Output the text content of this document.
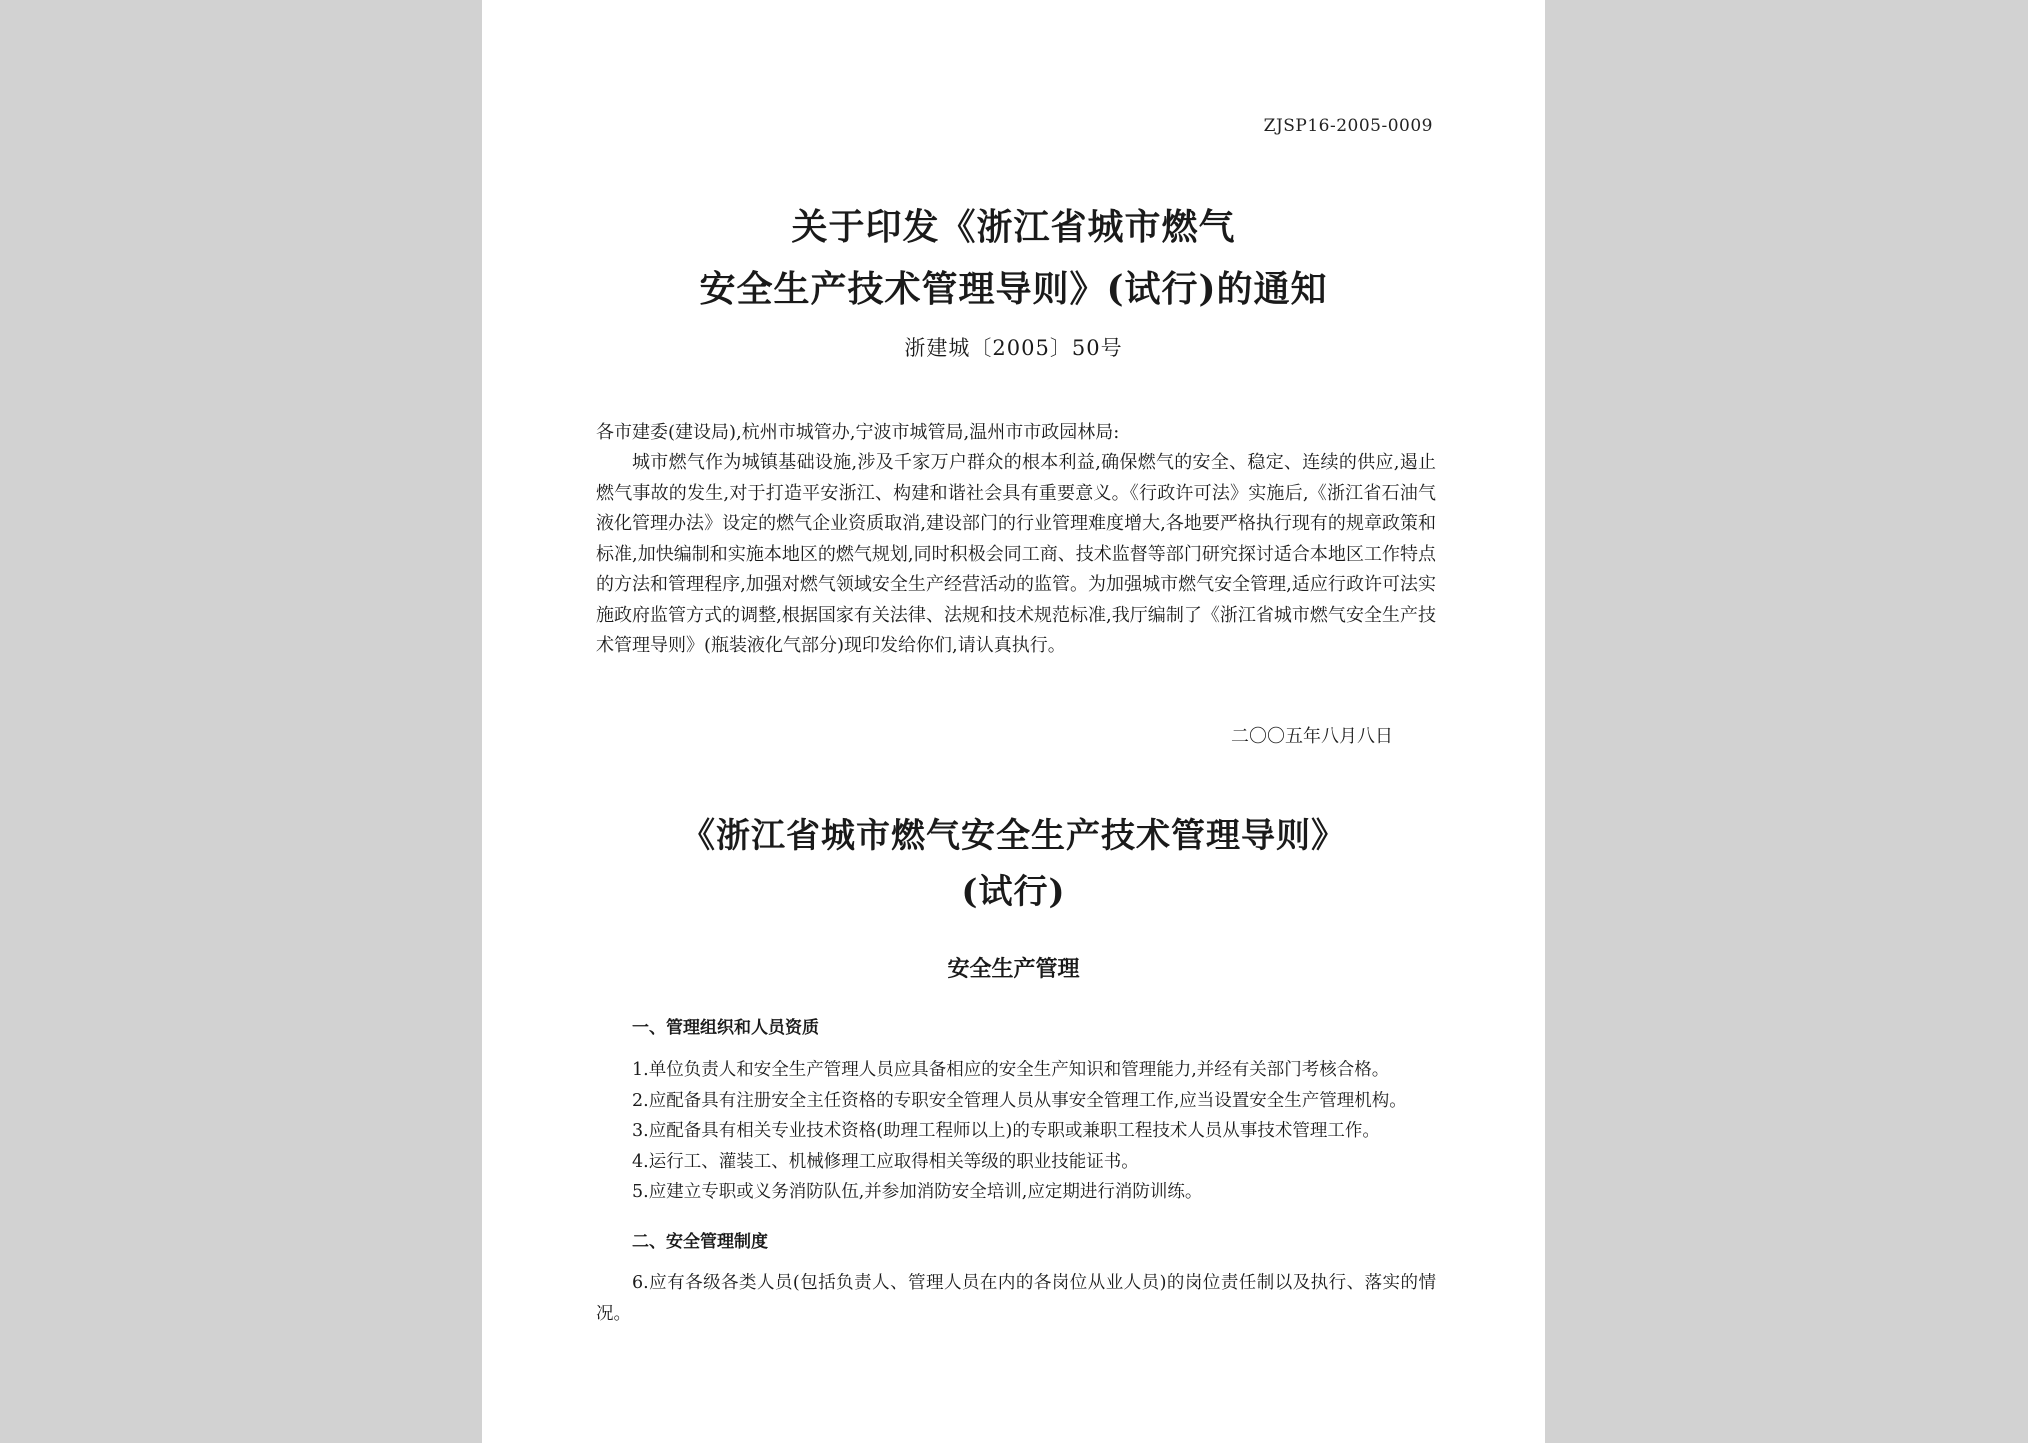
ZJSP16-2005-0009
关于印发《浙江省城市燃气
安全生产技术管理导则》(试行)的通知
浙建城〔2005〕50号
各市建委(建设局),杭州市城管办,宁波市城管局,温州市市政园林局:
城市燃气作为城镇基础设施,涉及千家万户群众的根本利益,确保燃气的安全、稳定、连续的供应,遏止燃气事故的发生,对于打造平安浙江、构建和谐社会具有重要意义。《行政许可法》实施后,《浙江省石油气液化管理办法》设定的燃气企业资质取消,建设部门的行业管理难度增大,各地要严格执行现有的规章政策和标准,加快编制和实施本地区的燃气规划,同时积极会同工商、技术监督等部门研究探讨适合本地区工作特点的方法和管理程序,加强对燃气领域安全生产经营活动的监管。为加强城市燃气安全管理,适应行政许可法实施政府监管方式的调整,根据国家有关法律、法规和技术规范标准,我厅编制了《浙江省城市燃气安全生产技术管理导则》(瓶装液化气部分)现印发给你们,请认真执行。
二〇〇五年八月八日
《浙江省城市燃气安全生产技术管理导则》
(试行)
安全生产管理
一、管理组织和人员资质
1.单位负责人和安全生产管理人员应具备相应的安全生产知识和管理能力,并经有关部门考核合格。
2.应配备具有注册安全主任资格的专职安全管理人员从事安全管理工作,应当设置安全生产管理机构。
3.应配备具有相关专业技术资格(助理工程师以上)的专职或兼职工程技术人员从事技术管理工作。
4.运行工、灌装工、机械修理工应取得相关等级的职业技能证书。
5.应建立专职或义务消防队伍,并参加消防安全培训,应定期进行消防训练。
二、安全管理制度
6.应有各级各类人员(包括负责人、管理人员在内的各岗位从业人员)的岗位责任制以及执行、落实的情况。
